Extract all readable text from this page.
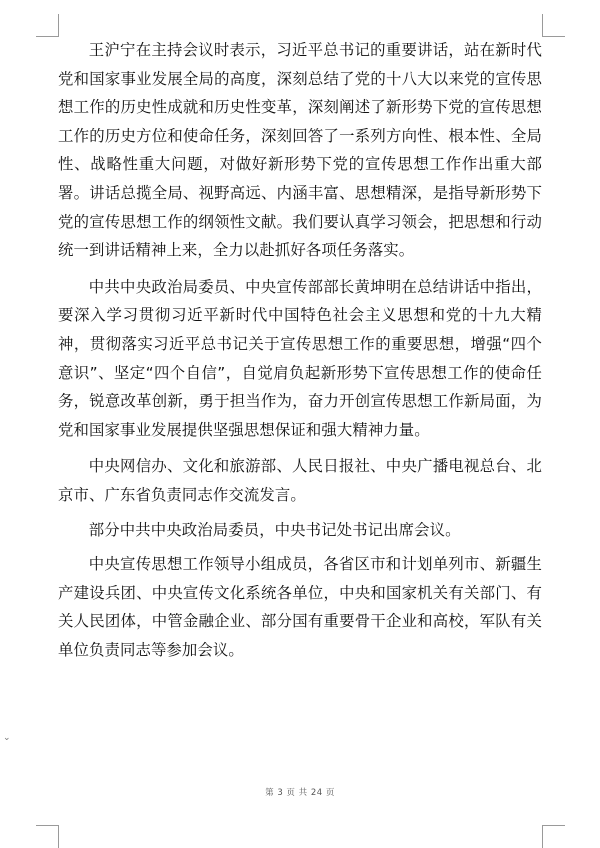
王沪宁在主持会议时表示，习近平总书记的重要讲话，站在新时代党和国家事业发展全局的高度，深刻总结了党的十八大以来党的宣传思想工作的历史性成就和历史性变革，深刻阐述了新形势下党的宣传思想工作的历史方位和使命任务，深刻回答了一系列方向性、根本性、全局性、战略性重大问题，对做好新形势下党的宣传思想工作作出重大部署。讲话总揽全局、视野高远、内涵丰富、思想精深，是指导新形势下党的宣传思想工作的纲领性文献。我们要认真学习领会，把思想和行动统一到讲话精神上来，全力以赴抓好各项任务落实。

中共中央政治局委员、中央宣传部部长黄坤明在总结讲话中指出，要深入学习贯彻习近平新时代中国特色社会主义思想和党的十九大精神，贯彻落实习近平总书记关于宣传思想工作的重要思想，增强“四个意识”、坚定“四个自信”，自觉肩负起新形势下宣传思想工作的使命任务，锐意改革创新，勇于担当作为，奋力开创宣传思想工作新局面，为党和国家事业发展提供坚强思想保证和强大精神力量。

中央网信办、文化和旅游部、人民日报社、中央广播电视总台、北京市、广东省负责同志作交流发言。

部分中共中央政治局委员，中央书记处书记出席会议。

中央宣传思想工作领导小组成员，各省区市和计划单列市、新疆生产建设兵团、中央宣传文化系统各单位，中央和国家机关有关部门、有关人民团体，中管金融企业、部分国有重要骨干企业和高校，军队有关单位负责同志等参加会议。

⌄
第 3 页 共 24 页
